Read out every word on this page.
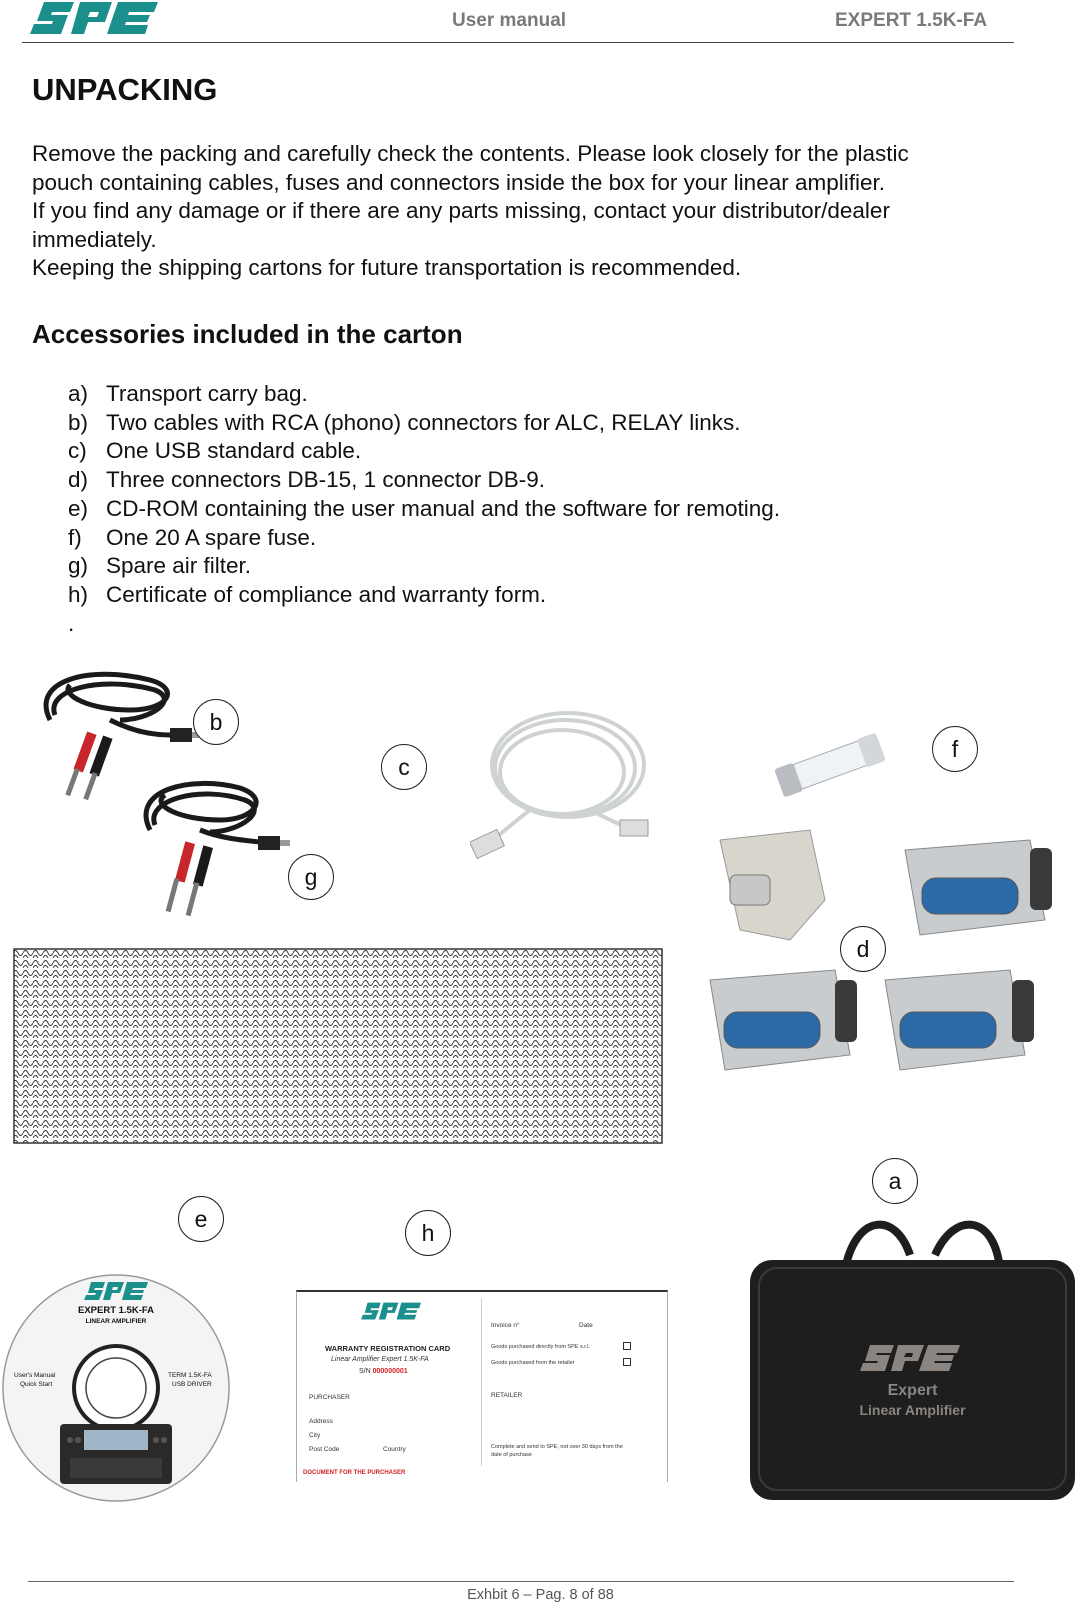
User manual	EXPERT 1.5K-FA
UNPACKING
Remove the packing and carefully check the contents. Please look closely for the plastic
pouch containing cables, fuses and connectors inside the box for your linear amplifier.
If you find any damage or if there are any parts missing, contact your distributor/dealer
immediately.
Keeping the shipping cartons for future transportation is recommended.
Accessories included in the carton
a) Transport carry bag.
b) Two cables with RCA (phono) connectors for ALC, RELAY links.
c) One USB standard cable.
d) Three connectors DB-15, 1 connector DB-9.
e) CD-ROM containing the user manual and the software for remoting.
f)	One 20 A spare fuse.
g) Spare air filter.
h) Certificate of compliance and warranty form.
.
b
g
c
f
d
a
Expert
Linear Amplifier
e
EXPERT 1.5K-FA
LINEAR AMPLIFIER
User's Manual
Quick Start
TERM 1.5K-FA
USB DRIVER
h
WARRANTY REGISTRATION CARD
Linear Amplifier Expert 1.5K-FA
S/N 000000001
PURCHASER
Address
City
Post Code	Country
DOCUMENT FOR THE PURCHASER
Invoice n°	Date
Goods purchased directly from SPE s.r.l.
Goods purchased from the retailer
RETAILER
Complete and send to SPE, not over 30 days from the
date of purchase
Exhbit 6 – Pag. 8 of 88
